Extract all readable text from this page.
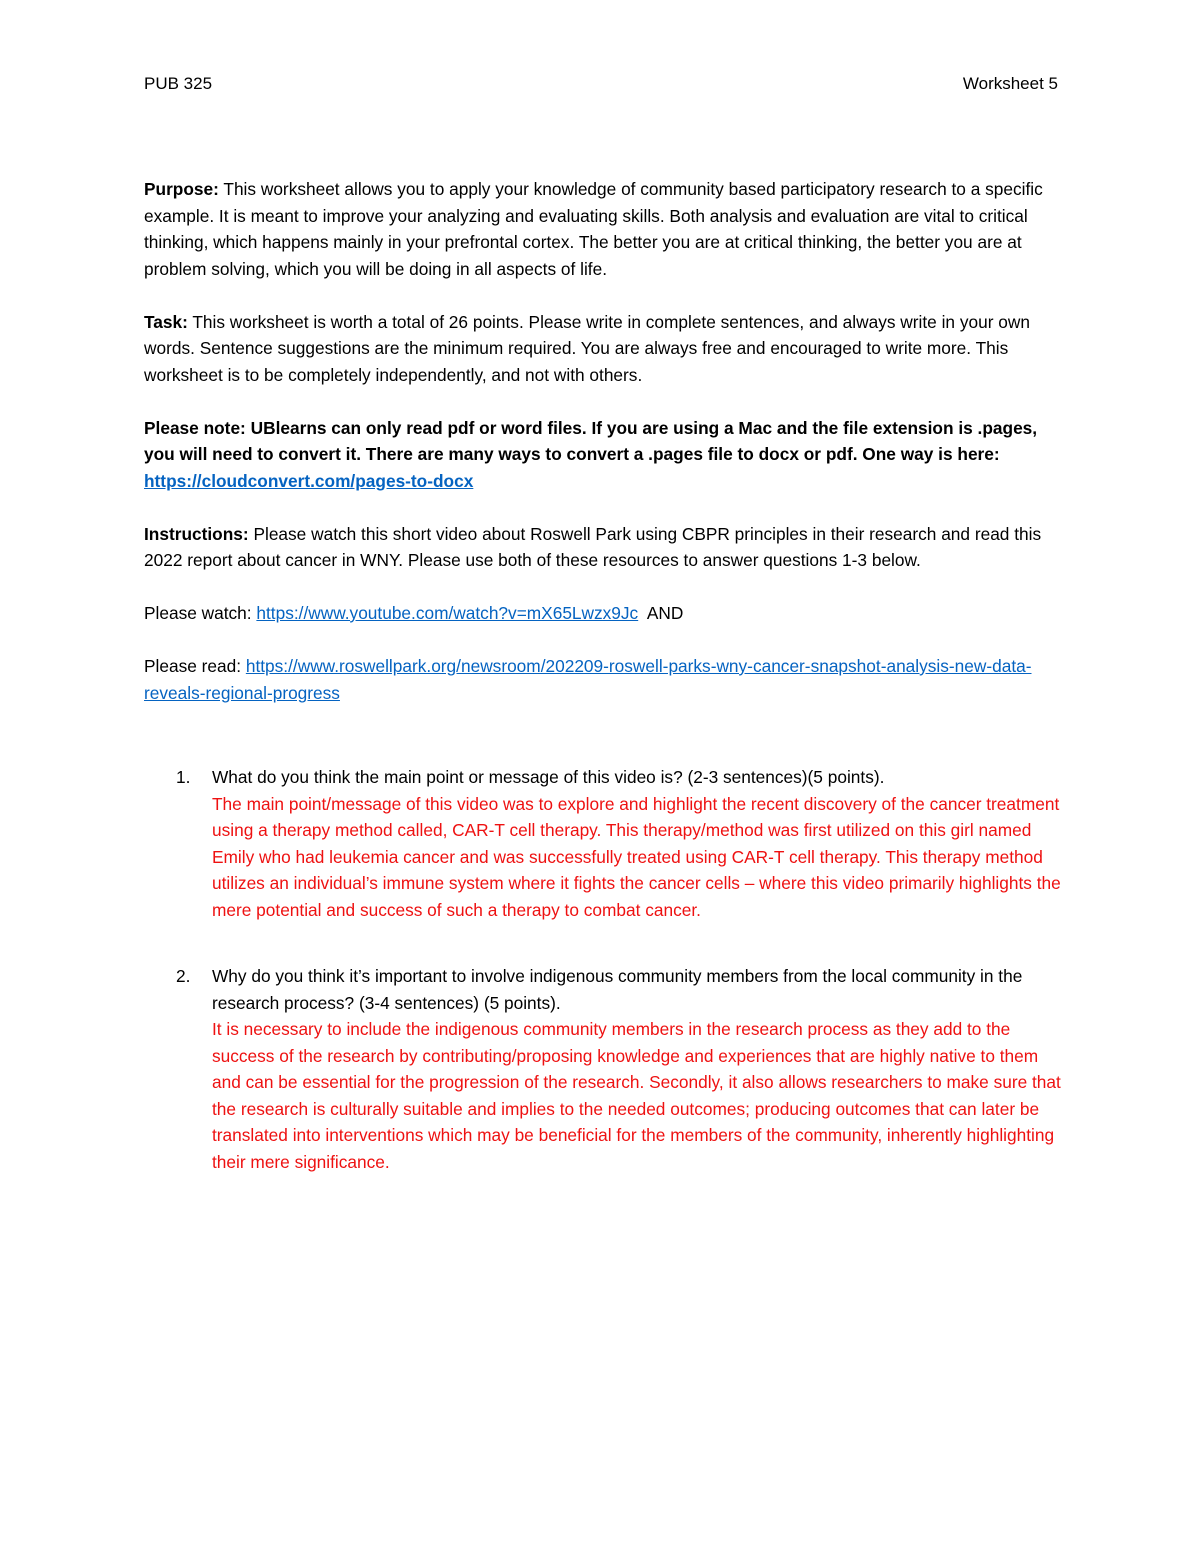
PUB 325	Worksheet 5

Purpose: This worksheet allows you to apply your knowledge of community based participatory research to a specific example. It is meant to improve your analyzing and evaluating skills. Both analysis and evaluation are vital to critical thinking, which happens mainly in your prefrontal cortex. The better you are at critical thinking, the better you are at problem solving, which you will be doing in all aspects of life.

Task: This worksheet is worth a total of 26 points. Please write in complete sentences, and always write in your own words. Sentence suggestions are the minimum required. You are always free and encouraged to write more. This worksheet is to be completely independently, and not with others.

Please note: UBlearns can only read pdf or word files. If you are using a Mac and the file extension is .pages, you will need to convert it. There are many ways to convert a .pages file to docx or pdf. One way is here: https://cloudconvert.com/pages-to-docx

Instructions: Please watch this short video about Roswell Park using CBPR principles in their research and read this 2022 report about cancer in WNY. Please use both of these resources to answer questions 1-3 below.

Please watch: https://www.youtube.com/watch?v=mX65Lwzx9Jc  AND

Please read: https://www.roswellpark.org/newsroom/202209-roswell-parks-wny-cancer-snapshot-analysis-new-data-reveals-regional-progress

1. What do you think the main point or message of this video is? (2-3 sentences)(5 points).
The main point/message of this video was to explore and highlight the recent discovery of the cancer treatment using a therapy method called, CAR-T cell therapy. This therapy/method was first utilized on this girl named Emily who had leukemia cancer and was successfully treated using CAR-T cell therapy. This therapy method utilizes an individual’s immune system where it fights the cancer cells – where this video primarily highlights the mere potential and success of such a therapy to combat cancer.
2. Why do you think it’s important to involve indigenous community members from the local community in the research process? (3-4 sentences) (5 points).
It is necessary to include the indigenous community members in the research process as they add to the success of the research by contributing/proposing knowledge and experiences that are highly native to them and can be essential for the progression of the research. Secondly, it also allows researchers to make sure that the research is culturally suitable and implies to the needed outcomes; producing outcomes that can later be translated into interventions which may be beneficial for the members of the community, inherently highlighting their mere significance.
